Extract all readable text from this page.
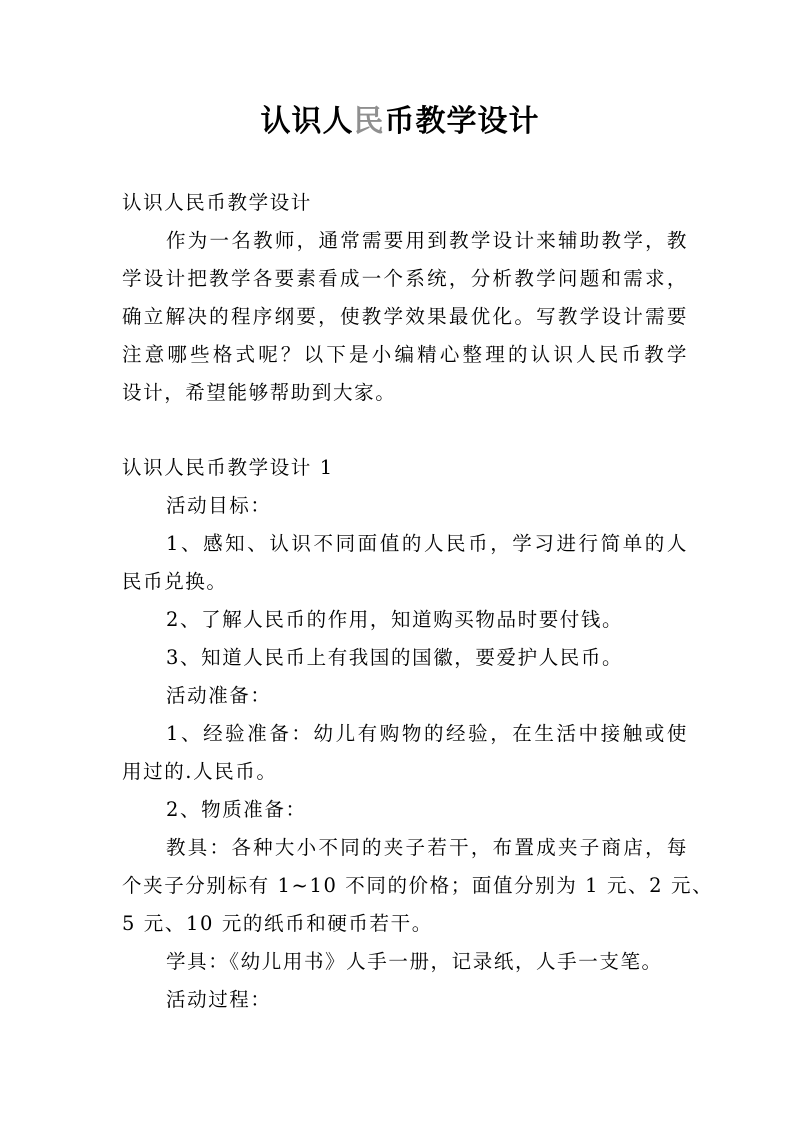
认识人民币教学设计
认识人民币教学设计
作为一名教师，通常需要用到教学设计来辅助教学，教
学设计把教学各要素看成一个系统，分析教学问题和需求，
确立解决的程序纲要，使教学效果最优化。写教学设计需要
注意哪些格式呢？以下是小编精心整理的认识人民币教学
设计，希望能够帮助到大家。
认识人民币教学设计 1
活动目标：
1、感知、认识不同面值的人民币，学习进行简单的人
民币兑换。
2、了解人民币的作用，知道购买物品时要付钱。
3、知道人民币上有我国的国徽，要爱护人民币。
活动准备：
1、经验准备：幼儿有购物的经验，在生活中接触或使
用过的.人民币。
2、物质准备：
教具：各种大小不同的夹子若干，布置成夹子商店，每
个夹子分别标有 1~10 不同的价格；面值分别为 1 元、2 元、
5 元、10 元的纸币和硬币若干。
学具：《幼儿用书》人手一册，记录纸，人手一支笔。
活动过程：
